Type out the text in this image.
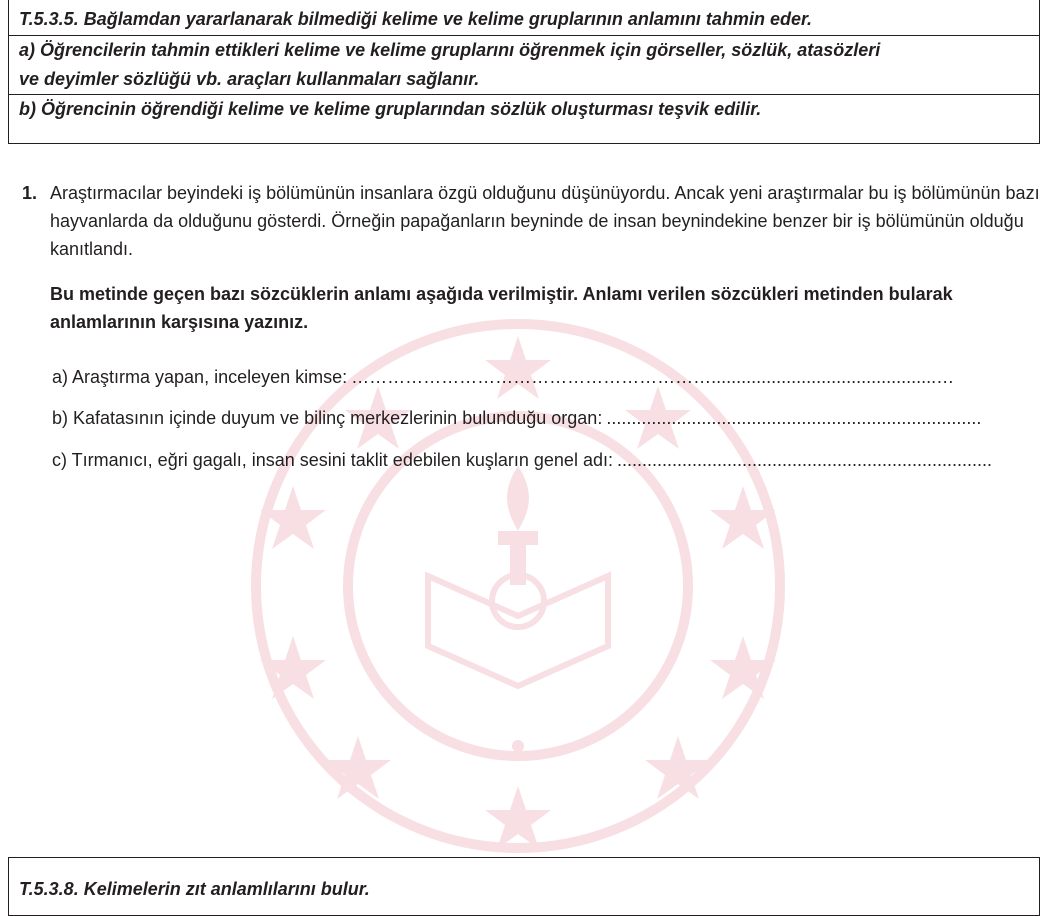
T.5.3.5. Bağlamdan yararlanarak bilmediği kelime ve kelime gruplarının anlamını tahmin eder.

a) Öğrencilerin tahmin ettikleri kelime ve kelime gruplarını öğrenmek için görseller, sözlük, atasözleri

ve deyimler sözlüğü vb. araçları kullanmaları sağlanır.

b) Öğrencinin öğrendiği kelime ve kelime gruplarından sözlük oluşturması teşvik edilir.

1. Araştırmacılar beyindeki iş bölümünün insanlara özgü olduğunu düşünüyordu. Ancak yeni araştırmalar bu iş bölümünün bazı hayvanlarda da olduğunu gösterdi. Örneğin papağanların beyninde de insan beynindekine benzer bir iş bölümünün olduğu kanıtlandı.

Bu metinde geçen bazı sözcüklerin anlamı aşağıda verilmiştir. Anlamı verilen sözcükleri metinden bularak anlamlarının karşısına yazınız.

a) Araştırma yapan, inceleyen kimse: …………………………………………………….............................................…
b) Kafatasının içinde duyum ve bilinç merkezlerinin bulunduğu organ: ...........................................................................
c) Tırmanıcı, eğri gagalı, insan sesini taklit edebilen kuşların genel adı: ...........................................................................

T.5.3.8. Kelimelerin zıt anlamlılarını bulur.
